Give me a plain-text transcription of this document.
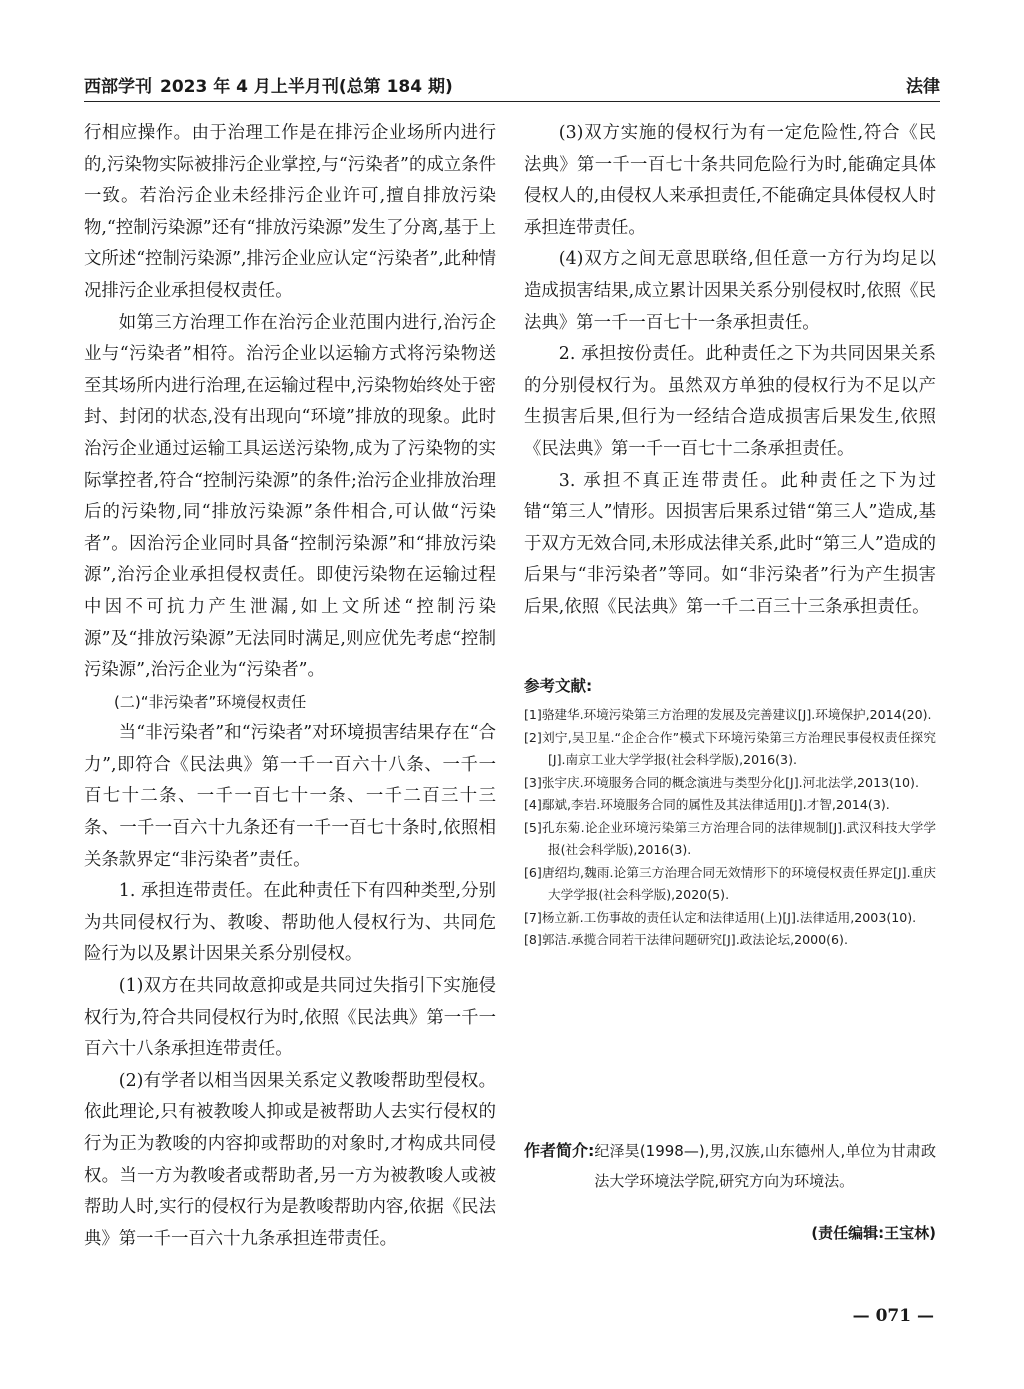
西部学刊 2023 年 4 月上半月刊(总第 184 期)	法律

行相应操作。由于治理工作是在排污企业场所内进行的,污染物实际被排污企业掌控,与“污染者”的成立条件一致。若治污企业未经排污企业许可,擅自排放污染物,“控制污染源”还有“排放污染源”发生了分离,基于上文所述“控制污染源”,排污企业应认定“污染者”,此种情况排污企业承担侵权责任。

如第三方治理工作在治污企业范围内进行,治污企业与“污染者”相符。治污企业以运输方式将污染物送至其场所内进行治理,在运输过程中,污染物始终处于密封、封闭的状态,没有出现向“环境”排放的现象。此时治污企业通过运输工具运送污染物,成为了污染物的实际掌控者,符合“控制污染源”的条件;治污企业排放治理后的污染物,同“排放污染源”条件相合,可认做“污染者”。因治污企业同时具备“控制污染源”和“排放污染源”,治污企业承担侵权责任。即使污染物在运输过程中因不可抗力产生泄漏,如上文所述“控制污染源”及“排放污染源”无法同时满足,则应优先考虑“控制污染源”,治污企业为“污染者”。

(二)“非污染者”环境侵权责任

当“非污染者”和“污染者”对环境损害结果存在“合力”,即符合《民法典》第一千一百六十八条、一千一百七十二条、一千一百七十一条、一千二百三十三条、一千一百六十九条还有一千一百七十条时,依照相关条款界定“非污染者”责任。

1. 承担连带责任。在此种责任下有四种类型,分别为共同侵权行为、教唆、帮助他人侵权行为、共同危险行为以及累计因果关系分别侵权。

(1)双方在共同故意抑或是共同过失指引下实施侵权行为,符合共同侵权行为时,依照《民法典》第一千一百六十八条承担连带责任。

(2)有学者以相当因果关系定义教唆帮助型侵权。依此理论,只有被教唆人抑或是被帮助人去实行侵权的行为正为教唆的内容抑或帮助的对象时,才构成共同侵权。当一方为教唆者或帮助者,另一方为被教唆人或被帮助人时,实行的侵权行为是教唆帮助内容,依据《民法典》第一千一百六十九条承担连带责任。

(3)双方实施的侵权行为有一定危险性,符合《民法典》第一千一百七十条共同危险行为时,能确定具体侵权人的,由侵权人来承担责任,不能确定具体侵权人时承担连带责任。

(4)双方之间无意思联络,但任意一方行为均足以造成损害结果,成立累计因果关系分别侵权时,依照《民法典》第一千一百七十一条承担责任。

2. 承担按份责任。此种责任之下为共同因果关系的分别侵权行为。虽然双方单独的侵权行为不足以产生损害后果,但行为一经结合造成损害后果发生,依照《民法典》第一千一百七十二条承担责任。

3. 承担不真正连带责任。此种责任之下为过错“第三人”情形。因损害后果系过错“第三人”造成,基于双方无效合同,未形成法律关系,此时“第三人”造成的后果与“非污染者”等同。如“非污染者”行为产生损害后果,依照《民法典》第一千二百三十三条承担责任。

参考文献:

[1]骆建华.环境污染第三方治理的发展及完善建议[J].环境保护,2014(20).

[2]刘宁,吴卫星.“企企合作”模式下环境污染第三方治理民事侵权责任探究[J].南京工业大学学报(社会科学版),2016(3).

[3]张宇庆.环境服务合同的概念演进与类型分化[J].河北法学,2013(10).

[4]鄢斌,李岩.环境服务合同的属性及其法律适用[J].才智,2014(3).

[5]孔东菊.论企业环境污染第三方治理合同的法律规制[J].武汉科技大学学报(社会科学版),2016(3).

[6]唐绍均,魏雨.论第三方治理合同无效情形下的环境侵权责任界定[J].重庆大学学报(社会科学版),2020(5).

[7]杨立新.工伤事故的责任认定和法律适用(上)[J].法律适用,2003(10).

[8]郭洁.承揽合同若干法律问题研究[J].政法论坛,2000(6).

作者简介: 纪泽昊(1998—),男,汉族,山东德州人,单位为甘肃政法大学环境法学院,研究方向为环境法。
(责任编辑:王宝林)
— 071 —
